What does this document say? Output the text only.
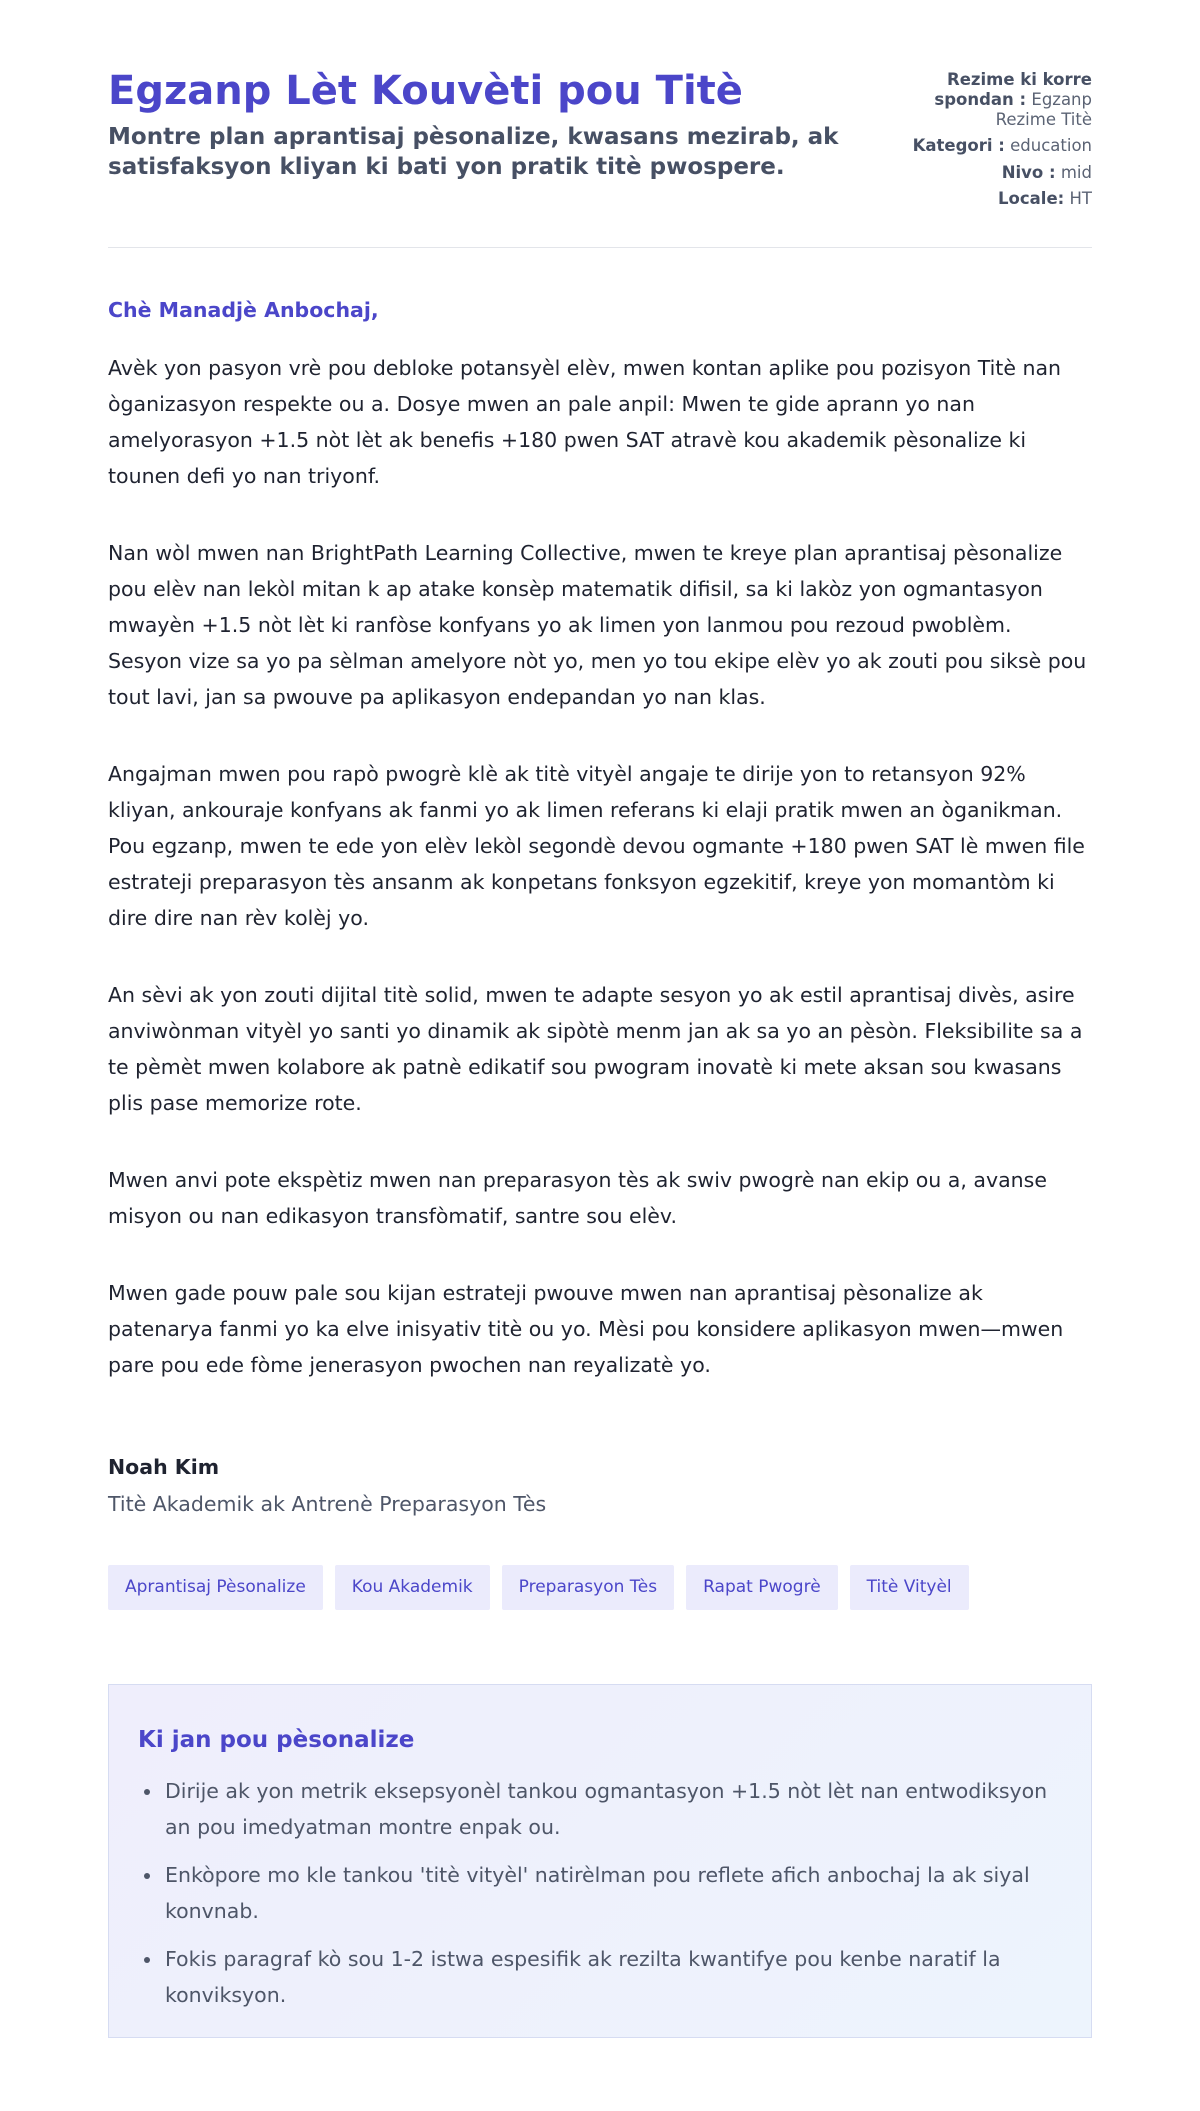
Egzanp Lèt Kouvèti pou Titè
Montre plan aprantisaj pèsonalize, kwasans mezirab, ak satisfaksyon kliyan ki bati yon pratik titè pwospere.
Rezime ki korre spondan : Egzanp Rezime Titè
Kategori : education
Nivo : mid
Locale: HT
Chè Manadjè Anbochaj,

Avèk yon pasyon vrè pou debloke potansyèl elèv, mwen kontan aplike pou pozisyon Titè nan òganizasyon respekte ou a. Dosye mwen an pale anpil: Mwen te gide aprann yo nan amelyorasyon +1.5 nòt lèt ak benefis +180 pwen SAT atravè kou akademik pèsonalize ki tounen defi yo nan triyonf.

Nan wòl mwen nan BrightPath Learning Collective, mwen te kreye plan aprantisaj pèsonalize pou elèv nan lekòl mitan k ap atake konsèp matematik difisil, sa ki lakòz yon ogmantasyon mwayèn +1.5 nòt lèt ki ranfòse konfyans yo ak limen yon lanmou pou rezoud pwoblèm. Sesyon vize sa yo pa sèlman amelyore nòt yo, men yo tou ekipe elèv yo ak zouti pou siksè pou tout lavi, jan sa pwouve pa aplikasyon endepandan yo nan klas.

Angajman mwen pou rapò pwogrè klè ak titè vityèl angaje te dirije yon to retansyon 92% kliyan, ankouraje konfyans ak fanmi yo ak limen referans ki elaji pratik mwen an òganikman. Pou egzanp, mwen te ede yon elèv lekòl segondè devou ogmante +180 pwen SAT lè mwen file estrateji preparasyon tès ansanm ak konpetans fonksyon egzekitif, kreye yon momantòm ki dire dire nan rèv kolèj yo.

An sèvi ak yon zouti dijital titè solid, mwen te adapte sesyon yo ak estil aprantisaj divès, asire anviwònman vityèl yo santi yo dinamik ak sipòtè menm jan ak sa yo an pèsòn. Fleksibilite sa a te pèmèt mwen kolabore ak patnè edikatif sou pwogram inovatè ki mete aksan sou kwasans plis pase memorize rote.

Mwen anvi pote ekspètiz mwen nan preparasyon tès ak swiv pwogrè nan ekip ou a, avanse misyon ou nan edikasyon transfòmatif, santre sou elèv.

Mwen gade pouw pale sou kijan estrateji pwouve mwen nan aprantisaj pèsonalize ak patenarya fanmi yo ka elve inisyativ titè ou yo. Mèsi pou konsidere aplikasyon mwen—mwen pare pou ede fòme jenerasyon pwochen nan reyalizatè yo.

Noah Kim
Titè Akademik ak Antrenè Preparasyon Tès
Aprantisaj Pèsonalize	Kou Akademik	Preparasyon Tès	Rapat Pwogrè	Titè Vityèl
Ki jan pou pèsonalize
• Dirije ak yon metrik eksepsyonèl tankou ogmantasyon +1.5 nòt lèt nan entwodiksyon an pou imedyatman montre enpak ou.
• Enkòpore mo kle tankou 'titè vityèl' natirèlman pou reflete afich anbochaj la ak siyal konvnab.
• Fokis paragraf kò sou 1-2 istwa espesifik ak rezilta kwantifye pou kenbe naratif la konviksyon.
